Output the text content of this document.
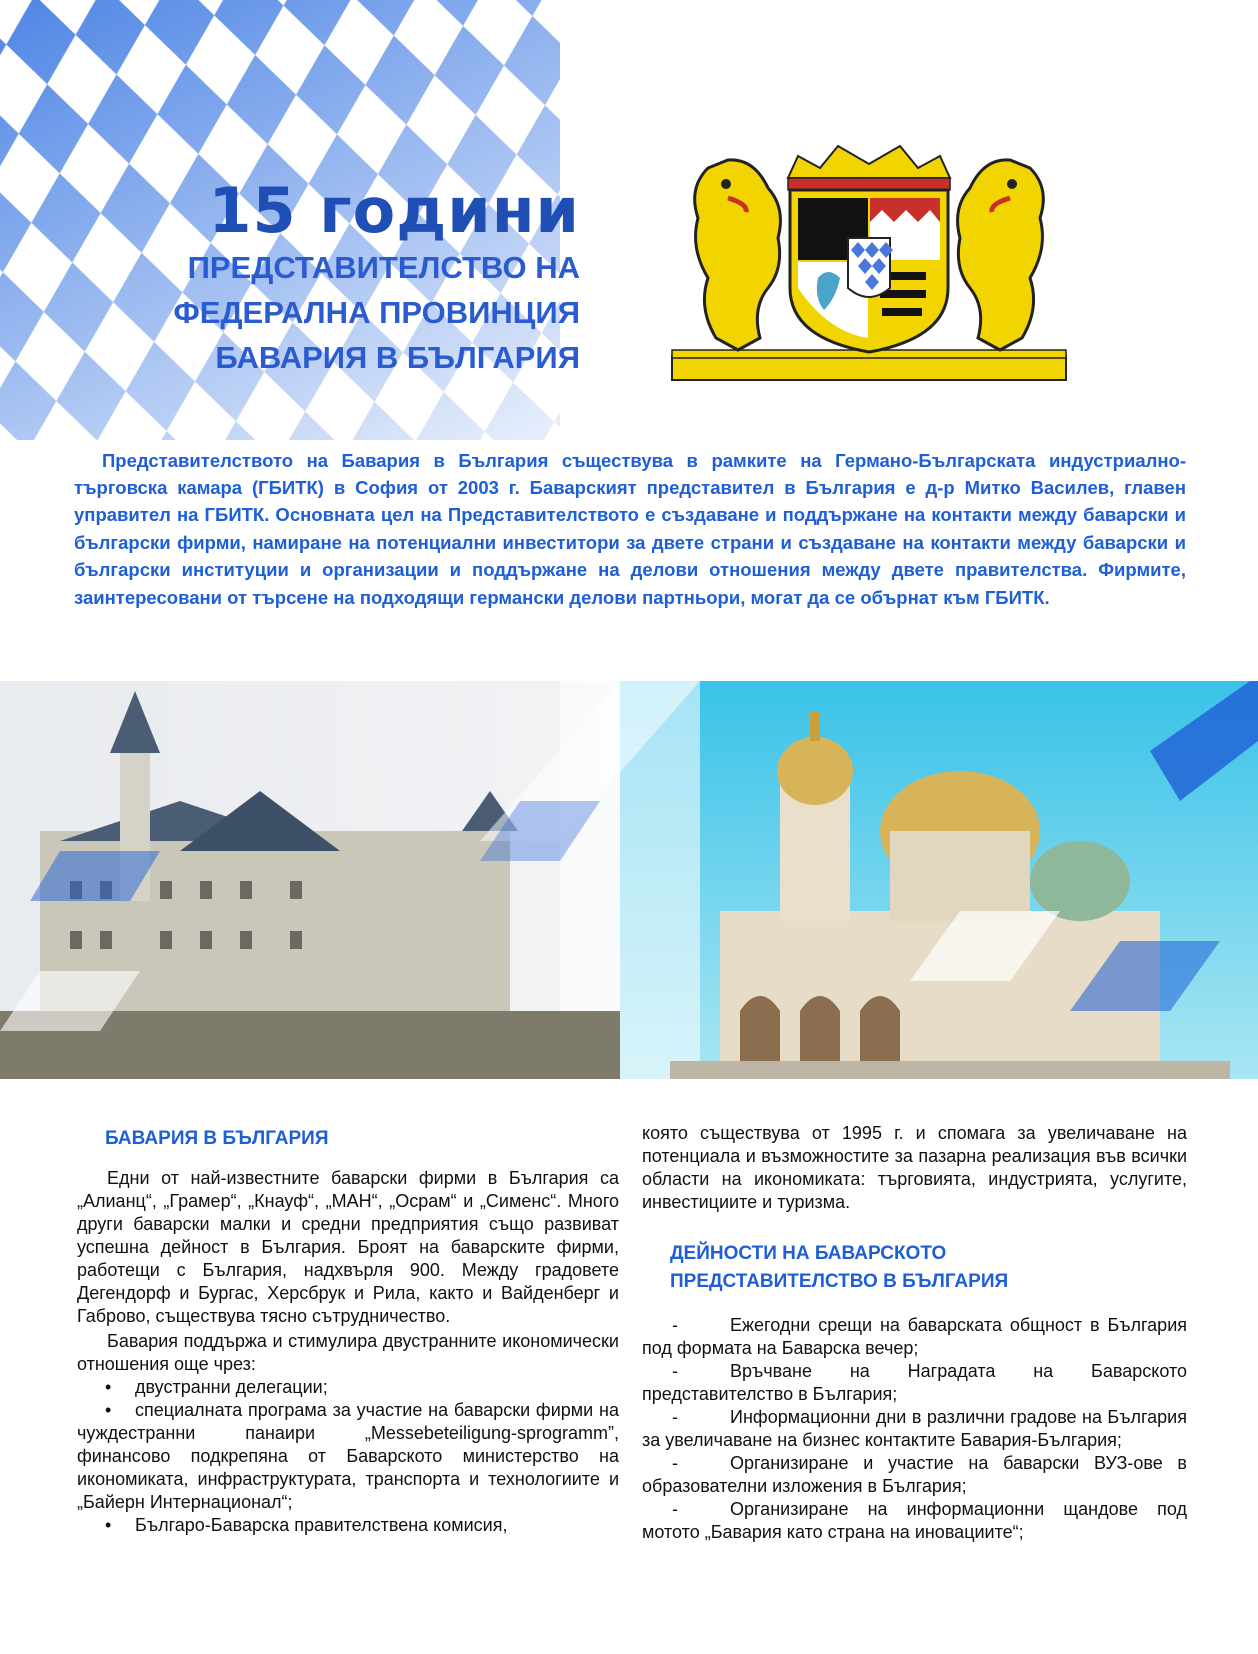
15 години
ПРЕДСТАВИТЕЛСТВО НА
ФЕДЕРАЛНА ПРОВИНЦИЯ
БАВАРИЯ В БЪЛГАРИЯ

Представителството на Бавария в България съществува в рамките на Германо-Българската индустриално-търговска камара (ГБИТК) в София от 2003 г. Баварският представител в България е д-р Митко Василев, главен управител на ГБИТК. Основната цел на Представителството е създаване и поддържане на контакти между баварски и български фирми, намиране на потенциални инвеститори за двете страни и създаване на контакти между баварски и български институции и организации и поддържане на делови отношения между двете правителства. Фирмите, заинтересовани от търсене на подходящи германски делови партньори, могат да се обърнат към ГБИТК.

БАВАРИЯ В БЪЛГАРИЯ

Едни от най-известните баварски фирми в България са „Алианц“, „Грамер“, „Кнауф“, „МАН“, „Осрам“ и „Сименс“. Много други баварски малки и средни предприятия също развиват успешна дейност в България. Броят на баварските фирми, работещи с България, надхвърля 900. Между градовете Дегендорф и Бургас, Херсбрук и Рила, както и Вайденберг и Габрово, съществува тясно сътрудничество.

Бавария поддържа и стимулира двустранните икономически отношения още чрез:

• двустранни делегации;
• специалната програма за участие на баварски фирми на чуждестранни панаири „Messebeteiligung-sprogramm”, финансово подкрепяна от Баварското министерство на икономиката, инфраструктурата, транспорта и технологиите и „Байерн Интернационал“;
• Българо-Баварска правителствена комисия,

която съществува от 1995 г. и спомага за увеличаване на потенциала и възможностите за пазарна реализация във всички области на икономиката: търговията, индустрията, услугите, инвестициите и туризма.

ДЕЙНОСТИ НА БАВАРСКОТО
ПРЕДСТАВИТЕЛСТВО В БЪЛГАРИЯ
-	Ежегодни срещи на баварската общност в България под формата на Баварска вечер;
-	Връчване на Наградата на Баварското представителство в България;
-	Информационни дни в различни градове на България за увеличаване на бизнес контактите Бавария-България;
-	Организиране и участие на баварски ВУЗ-ове в образователни изложения в България;
-	Организиране на информационни щандове под мотото „Бавария като страна на иновациите“;
